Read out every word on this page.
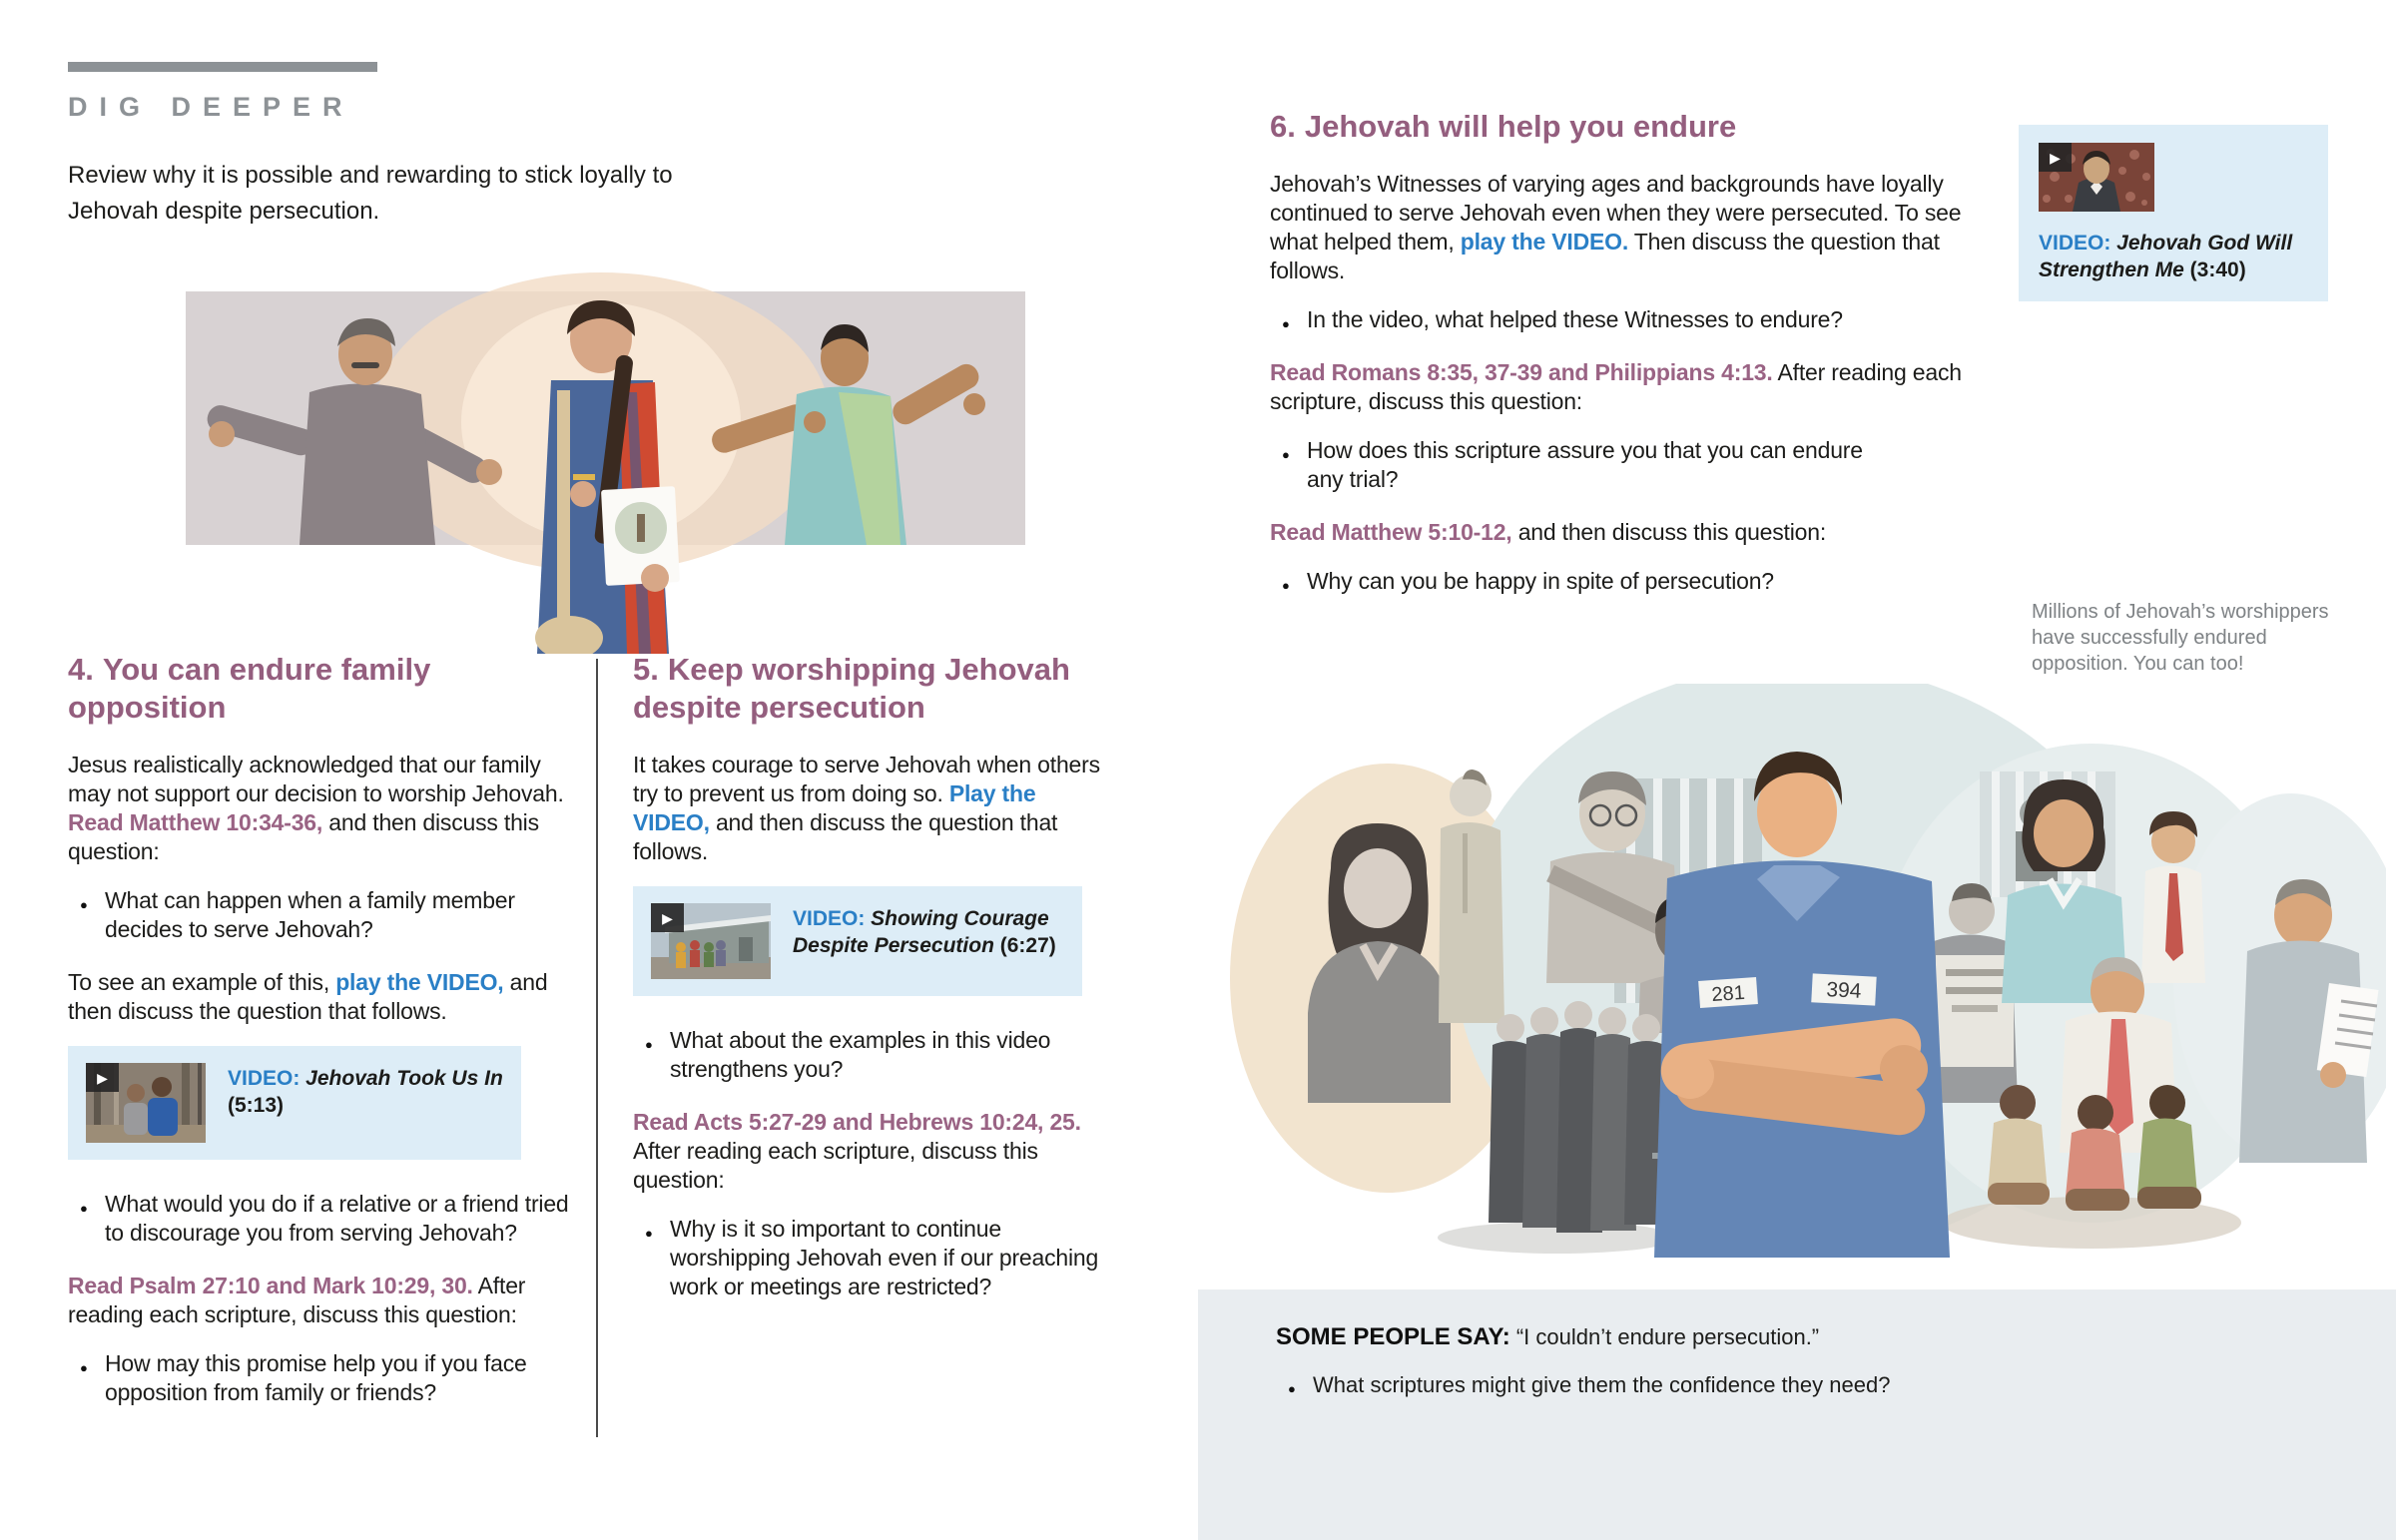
DIG DEEPER
Review why it is possible and rewarding to stick loyally to Jehovah despite persecution.
4. You can endure family opposition

Jesus realistically acknowledged that our family may not support our decision to worship Jehovah. Read Matthew 10:34-36, and then discuss this question:

● What can happen when a family member decides to serve Jehovah?

To see an example of this, play the VIDEO, and then discuss the question that follows.

▶	VIDEO: Jehovah Took Us In (5:13)
● What would you do if a relative or a friend tried to discourage you from serving Jehovah?

Read Psalm 27:10 and Mark 10:29, 30. After reading each scripture, discuss this question:

● How may this promise help you if you face opposition from family or friends?
5. Keep worshipping Jehovah despite persecution

It takes courage to serve Jehovah when others try to prevent us from doing so. Play the VIDEO, and then discuss the question that follows.

▶	VIDEO: Showing Courage Despite Persecution (6:27)
● What about the examples in this video strengthens you?

Read Acts 5:27-29 and Hebrews 10:24, 25. After reading each scripture, discuss this question:

● Why is it so important to continue worshipping Jehovah even if our preaching work or meetings are restricted?
6. Jehovah will help you endure

Jehovah’s Witnesses of varying ages and backgrounds have loyally continued to serve Jehovah even when they were persecuted. To see what helped them, play the VIDEO. Then discuss the question that follows.

● In the video, what helped these Witnesses to endure?

Read Romans 8:35, 37-39 and Philippians 4:13. After reading each scripture, discuss this question:

● How does this scripture assure you that you can endure any trial?

Read Matthew 5:10-12, and then discuss this question:

● Why can you be happy in spite of persecution?
▶
VIDEO: Jehovah God Will Strengthen Me (3:40)
Millions of Jehovah’s worshippers have successfully endured opposition. You can too!
281	394
SOME PEOPLE SAY: “I couldn’t endure persecution.”
● What scriptures might give them the confidence they need?
